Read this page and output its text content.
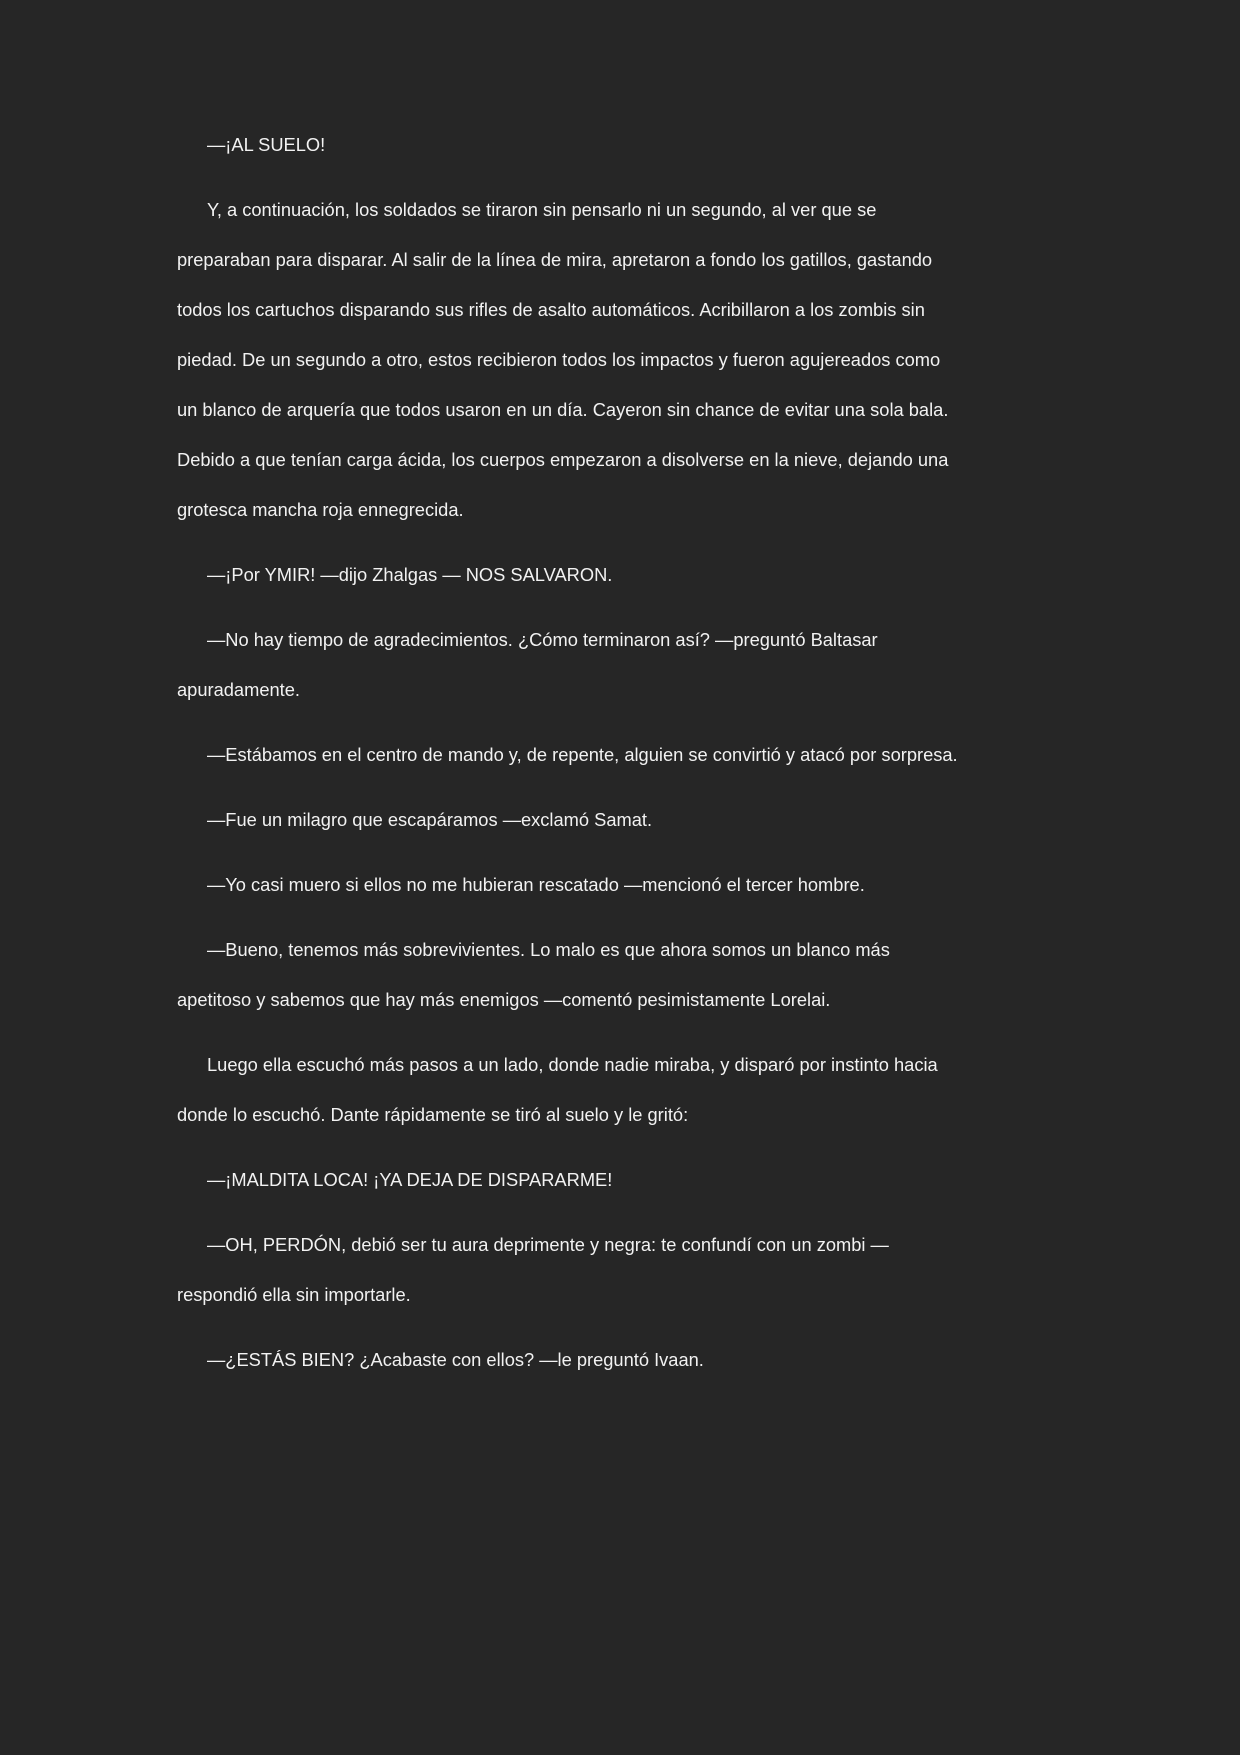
—¡AL SUELO!
Y, a continuación, los soldados se tiraron sin pensarlo ni un segundo, al ver que se
preparaban para disparar. Al salir de la línea de mira, apretaron a fondo los gatillos, gastando
todos los cartuchos disparando sus rifles de asalto automáticos. Acribillaron a los zombis sin
piedad. De un segundo a otro, estos recibieron todos los impactos y fueron agujereados como
un blanco de arquería que todos usaron en un día. Cayeron sin chance de evitar una sola bala.
Debido a que tenían carga ácida, los cuerpos empezaron a disolverse en la nieve, dejando una
grotesca mancha roja ennegrecida.
—¡Por YMIR! —dijo Zhalgas — NOS SALVARON.
—No hay tiempo de agradecimientos. ¿Cómo terminaron así? —preguntó Baltasar
apuradamente.
—Estábamos en el centro de mando y, de repente, alguien se convirtió y atacó por sorpresa.
—Fue un milagro que escapáramos —exclamó Samat.
—Yo casi muero si ellos no me hubieran rescatado —mencionó el tercer hombre.
—Bueno, tenemos más sobrevivientes. Lo malo es que ahora somos un blanco más
apetitoso y sabemos que hay más enemigos —comentó pesimistamente Lorelai.
Luego ella escuchó más pasos a un lado, donde nadie miraba, y disparó por instinto hacia
donde lo escuchó. Dante rápidamente se tiró al suelo y le gritó:
—¡MALDITA LOCA! ¡YA DEJA DE DISPARARME!
—OH, PERDÓN, debió ser tu aura deprimente y negra: te confundí con un zombi —
respondió ella sin importarle.
—¿ESTÁS BIEN? ¿Acabaste con ellos? —le preguntó Ivaan.
